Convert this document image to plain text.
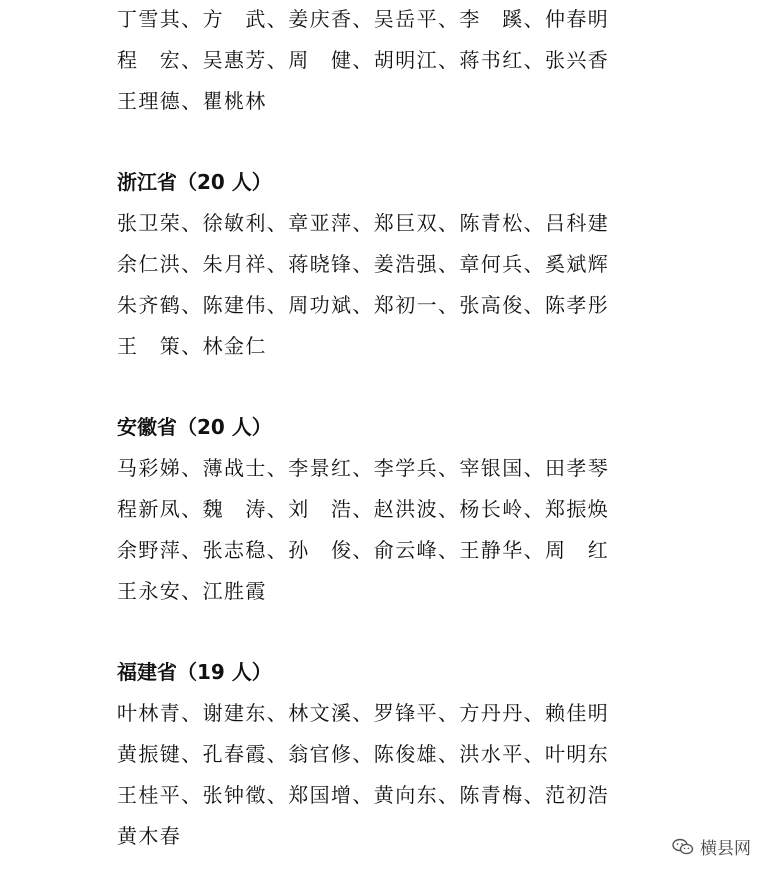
丁雪其、方　武、姜庆香、吴岳平、李　蹊、仲春明
程　宏、吴惠芳、周　健、胡明江、蒋书红、张兴香
王理德、瞿桃林
浙江省（20 人）
张卫荣、徐敏利、章亚萍、郑巨双、陈青松、吕科建
余仁洪、朱月祥、蒋晓锋、姜浩强、章何兵、奚斌辉
朱齐鹤、陈建伟、周功斌、郑初一、张高俊、陈孝彤
王　策、林金仁
安徽省（20 人）
马彩娣、薄战士、李景红、李学兵、宰银国、田孝琴
程新凤、魏　涛、刘　浩、赵洪波、杨长岭、郑振焕
余野萍、张志稳、孙　俊、俞云峰、王静华、周　红
王永安、江胜霞
福建省（19 人）
叶林青、谢建东、林文溪、罗锋平、方丹丹、赖佳明
黄振键、孔春霞、翁官修、陈俊雄、洪水平、叶明东
王桂平、张钟徵、郑国增、黄向东、陈青梅、范初浩
黄木春
横县网
